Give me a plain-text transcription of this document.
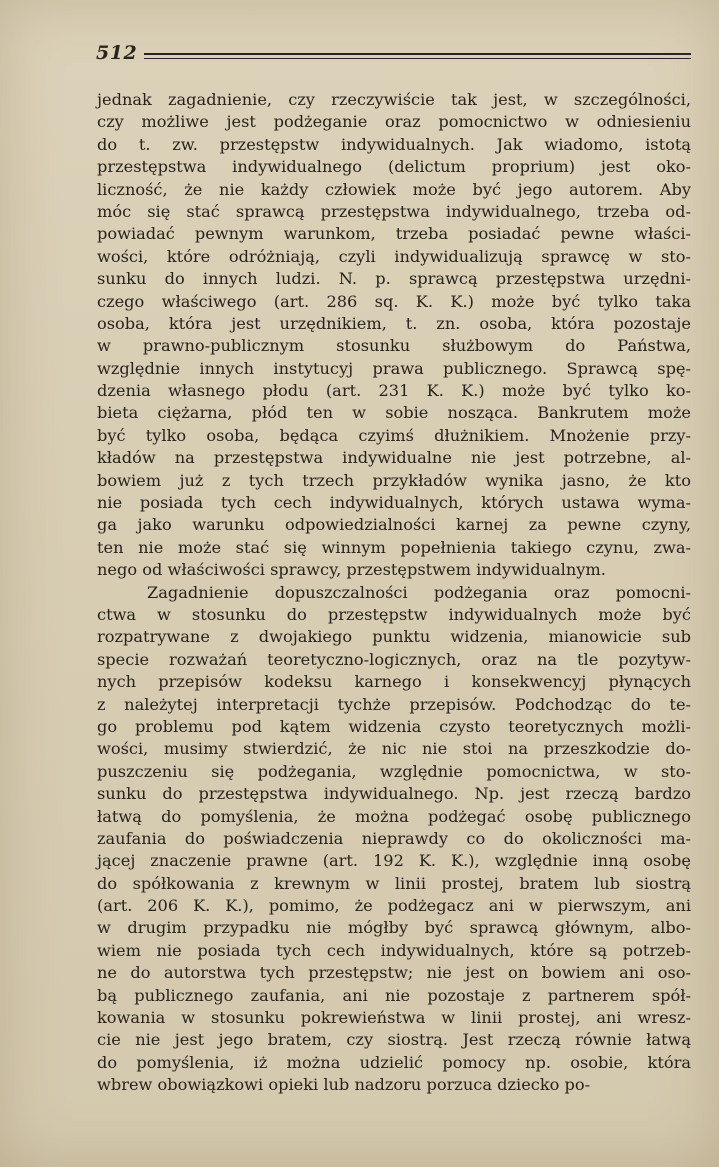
512
jednak zagadnienie, czy rzeczywiście tak jest, w szczególności,
czy możliwe jest podżeganie oraz pomocnictwo w odniesieniu
do t. zw. przestępstw indywidualnych. Jak wiadomo, istotą
przestępstwa indywidualnego (delictum proprium) jest oko-
liczność, że nie każdy człowiek może być jego autorem. Aby
móc się stać sprawcą przestępstwa indywidualnego, trzeba od-
powiadać pewnym warunkom, trzeba posiadać pewne właści-
wości, które odróżniają, czyli indywidualizują sprawcę w sto-
sunku do innych ludzi. N. p. sprawcą przestępstwa urzędni-
czego właściwego (art. 286 sq. K. K.) może być tylko taka
osoba, która jest urzędnikiem, t. zn. osoba, która pozostaje
w prawno-publicznym stosunku służbowym do Państwa,
względnie innych instytucyj prawa publicznego. Sprawcą spę-
dzenia własnego płodu (art. 231 K. K.) może być tylko ko-
bieta ciężarna, płód ten w sobie nosząca. Bankrutem może
być tylko osoba, będąca czyimś dłużnikiem. Mnożenie przy-
kładów na przestępstwa indywidualne nie jest potrzebne, al-
bowiem już z tych trzech przykładów wynika jasno, że kto
nie posiada tych cech indywidualnych, których ustawa wyma-
ga jako warunku odpowiedzialności karnej za pewne czyny,
ten nie może stać się winnym popełnienia takiego czynu, zwa-
nego od właściwości sprawcy, przestępstwem indywidualnym.
Zagadnienie dopuszczalności podżegania oraz pomocni-
ctwa w stosunku do przestępstw indywidualnych może być
rozpatrywane z dwojakiego punktu widzenia, mianowicie sub
specie rozważań teoretyczno-logicznych, oraz na tle pozytyw-
nych przepisów kodeksu karnego i konsekwencyj płynących
z należytej interpretacji tychże przepisów. Podchodząc do te-
go problemu pod kątem widzenia czysto teoretycznych możli-
wości, musimy stwierdzić, że nic nie stoi na przeszkodzie do-
puszczeniu się podżegania, względnie pomocnictwa, w sto-
sunku do przestępstwa indywidualnego. Np. jest rzeczą bardzo
łatwą do pomyślenia, że można podżegać osobę publicznego
zaufania do poświadczenia nieprawdy co do okoliczności ma-
jącej znaczenie prawne (art. 192 K. K.), względnie inną osobę
do spółkowania z krewnym w linii prostej, bratem lub siostrą
(art. 206 K. K.), pomimo, że podżegacz ani w pierwszym, ani
w drugim przypadku nie mógłby być sprawcą głównym, albo-
wiem nie posiada tych cech indywidualnych, które są potrzeb-
ne do autorstwa tych przestępstw; nie jest on bowiem ani oso-
bą publicznego zaufania, ani nie pozostaje z partnerem spół-
kowania w stosunku pokrewieństwa w linii prostej, ani wresz-
cie nie jest jego bratem, czy siostrą. Jest rzeczą równie łatwą
do pomyślenia, iż można udzielić pomocy np. osobie, która
wbrew obowiązkowi opieki lub nadzoru porzuca dziecko po-
